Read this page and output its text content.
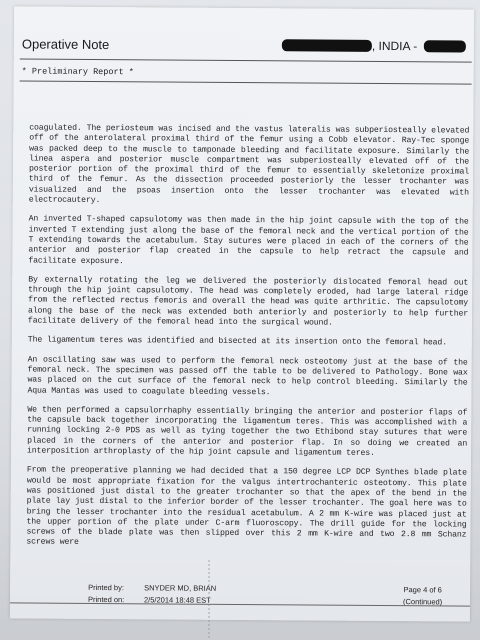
Operative Note	, INDIA -
* Preliminary Report *

coagulated. The periosteum was incised and the vastus lateralis was subperiosteally elevated off of the anterolateral proximal third of the femur using a Cobb elevator. Ray-Tec sponge was packed deep to the muscle to tamponade bleeding and facilitate exposure. Similarly the linea aspera and posterior muscle compartment was subperiosteally elevated off of the posterior portion of the proximal third of the femur to essentially skeletonize proximal third of the femur. As the dissection proceeded posteriorly the lesser trochanter was visualized and the psoas insertion onto the lesser trochanter was elevated with electrocautery.

An inverted T-shaped capsulotomy was then made in the hip joint capsule with the top of the inverted T extending just along the base of the femoral neck and the vertical portion of the T extending towards the acetabulum. Stay sutures were placed in each of the corners of the anterior and posterior flap created in the capsule to help retract the capsule and facilitate exposure.

By externally rotating the leg we delivered the posteriorly dislocated femoral head out through the hip joint capsulotomy. The head was completely eroded, had large lateral ridge from the reflected rectus femoris and overall the head was quite arthritic. The capsulotomy along the base of the neck was extended both anteriorly and posteriorly to help further facilitate delivery of the femoral head into the surgical wound.

The ligamentum teres was identified and bisected at its insertion onto the femoral head.

An oscillating saw was used to perform the femoral neck osteotomy just at the base of the femoral neck. The specimen was passed off the table to be delivered to Pathology. Bone wax was placed on the cut surface of the femoral neck to help control bleeding. Similarly the Aqua Mantas was used to coagulate bleeding vessels.

We then performed a capsulorrhaphy essentially bringing the anterior and posterior flaps of the capsule back together incorporating the ligamentum teres. This was accomplished with a running locking 2-0 PDS as well as tying together the two Ethibond stay sutures that were placed in the corners of the anterior and posterior flap. In so doing we created an interposition arthroplasty of the hip joint capsule and ligamentum teres.

From the preoperative planning we had decided that a 150 degree LCP DCP Synthes blade plate would be most appropriate fixation for the valgus intertrochanteric osteotomy. This plate was positioned just distal to the greater trochanter so that the apex of the bend in the plate lay just distal to the inferior border of the lesser trochanter. The goal here was to bring the lesser trochanter into the residual acetabulum. A 2 mm K-wire was placed just at the upper portion of the plate under C-arm fluoroscopy. The drill guide for the locking screws of the blade plate was then slipped over this 2 mm K-wire and two 2.8 mm Schanz screws were

Printed by:	SNYDER MD, BRIAN
Printed on:	2/5/2014 18:48 EST
Page 4 of 6
(Continued)
